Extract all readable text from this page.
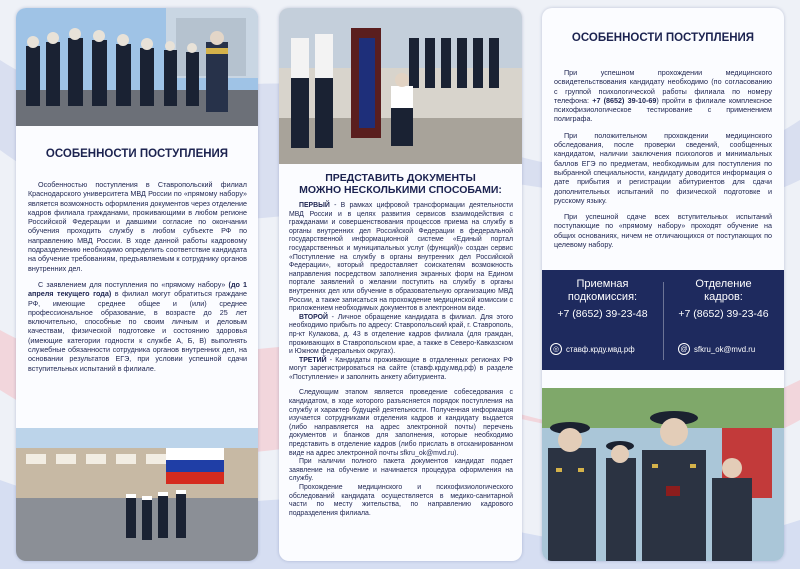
ОСОБЕННОСТИ ПОСТУПЛЕНИЯ

Особенностью поступления в Ставропольский филиал Краснодарского университета МВД России по «прямому набору» является возможность оформления документов через отделение кадров филиала гражданами, проживающими в любом регионе Российской Федерации и давшими согласие по окончании обучения проходить службу в любом субъекте РФ по направлению МВД России. В ходе данной работы кадровому подразделению необходимо определить соответствие кандидата на обучение требованиям, предъявляемым к сотруднику органов внутренних дел.

С заявлением для поступления по «прямому набору» (до 1 апреля текущего года) в филиал могут обратиться граждане РФ, имеющие среднее общее и (или) среднее профессиональное образование, в возрасте до 25 лет включительно, способные по своим личным и деловым качествам, физической подготовке и состоянию здоровья (имеющие категории годности к службе А, Б, В) выполнять служебные обязанности сотрудника органов внутренних дел, на основании результатов ЕГЭ, при условии успешной сдачи вступительных испытаний в филиале.

ПРЕДСТАВИТЬ ДОКУМЕНТЫ
МОЖНО НЕСКОЛЬКИМИ СПОСОБАМИ:

ПЕРВЫЙ - В рамках цифровой трансформации деятельности МВД России и в целях развития сервисов взаимодействия с гражданами и совершенствования процессов приема на службу в органы внутренних дел Российской Федерации в федеральной государственной информационной системе «Единый портал государственных и муниципальных услуг (функций)» создан сервис «Поступление на службу в органы внутренних дел Российской Федерации», который предоставляет соискателям возможность направления посредством заполнения экранных форм на Едином портале заявлений о желании поступить на службу в органы внутренних дел или обучение в образовательную организацию МВД России, а также записаться на прохождение медицинской комиссии с приложением необходимых документов в электронном виде.

ВТОРОЙ - Личное обращение кандидата в филиал. Для этого необходимо прибыть по адресу: Ставропольский край, г. Ставрополь, пр-кт Кулакова, д. 43 в отделение кадров филиала (для граждан, проживающих в Ставропольском крае, а также в Северо-Кавказском и Южном федеральных округах).

ТРЕТИЙ - Кандидаты проживающие в отдаленных регионах РФ могут зарегистрироваться на сайте (ставф.крду.мвд.рф) в разделе «Поступление» и заполнить анкету абитуриента.

Следующим этапом является проведение собеседования с кандидатом, в ходе которого разъясняется порядок поступления на службу и характер будущей деятельности. Полученная информация изучается сотрудниками отделения кадров и кандидату выдается (либо направляется на адрес электронной почты) перечень документов и бланков для заполнения, которые необходимо представить в отделение кадров (либо прислать в отсканированном виде на адрес электронной почты sfkru_ok@mvd.ru).

При наличии полного пакета документов кандидат подает заявление на обучение и начинается процедура оформления на службу.

Прохождение медицинского и психофизиологического обследований кандидата осуществляется в медико-санитарной части по месту жительства, по направлению кадрового подразделения филиала.

ОСОБЕННОСТИ ПОСТУПЛЕНИЯ

При успешном прохождении медицинского освидетельствования кандидату необходимо (по согласованию с группой психологической работы филиала по номеру телефона: +7 (8652) 39-10-69) пройти в филиале комплексное психофизиологическое тестирование с применением полиграфа.

При положительном прохождении медицинского обследования, после проверки сведений, сообщенных кандидатом, наличии заключения психологов и минимальных баллов ЕГЭ по предметам, необходимым для поступления по выбранной специальности, кандидату доводится информация о дате прибытия и регистрации абитуриентов для сдачи дополнительных испытаний по физической подготовке и русскому языку.

При успешной сдаче всех вступительных испытаний поступающие по «прямому набору» проходят обучение на общих основаниях, ничем не отличающихся от поступающих по целевому набору.

Приемная
подкомиссия:
+7 (8652) 39-23-48
Отделение
кадров:
+7 (8652) 39-23-46
◎ ставф.крду.мвд.рф	@ sfkru_ok@mvd.ru
